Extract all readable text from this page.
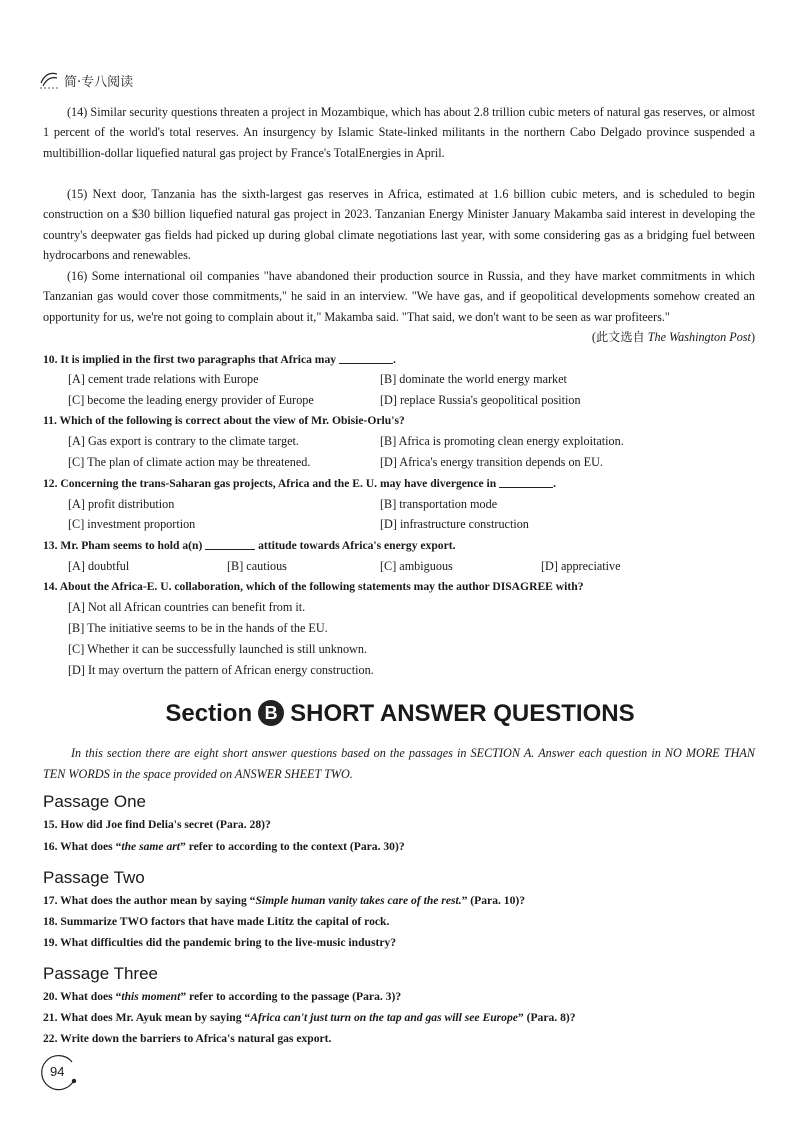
简·专八阅读
(14) Similar security questions threaten a project in Mozambique, which has about 2.8 trillion cubic meters of natural gas reserves, or almost 1 percent of the world's total reserves. An insurgency by Islamic State-linked militants in the northern Cabo Delgado province suspended a multibillion-dollar liquefied natural gas project by France's TotalEnergies in April.
(15) Next door, Tanzania has the sixth-largest gas reserves in Africa, estimated at 1.6 billion cubic meters, and is scheduled to begin construction on a $30 billion liquefied natural gas project in 2023. Tanzanian Energy Minister January Makamba said interest in developing the country's deepwater gas fields had picked up during global climate negotiations last year, with some considering gas as a bridging fuel between hydrocarbons and renewables.
(16) Some international oil companies "have abandoned their production source in Russia, and they have market commitments in which Tanzanian gas would cover those commitments," he said in an interview. "We have gas, and if geopolitical developments somehow created an opportunity for us, we're not going to complain about it," Makamba said. "That said, we don't want to be seen as war profiteers."
(此文选自 The Washington Post)
10. It is implied in the first two paragraphs that Africa may	.
[A] cement trade relations with Europe	[B] dominate the world energy market
[C] become the leading energy provider of Europe	[D] replace Russia's geopolitical position
11. Which of the following is correct about the view of Mr. Obisie-Orlu's?
[A] Gas export is contrary to the climate target.	[B] Africa is promoting clean energy exploitation.
[C] The plan of climate action may be threatened.	[D] Africa's energy transition depends on EU.
12. Concerning the trans-Saharan gas projects, Africa and the E. U. may have divergence in	.
[A] profit distribution	[B] transportation mode
[C] investment proportion	[D] infrastructure construction
13. Mr. Pham seems to hold a(n)	attitude towards Africa's energy export.
[A] doubtful	[B] cautious	[C] ambiguous	[D] appreciative
14. About the Africa-E. U. collaboration, which of the following statements may the author DISAGREE with?
[A] Not all African countries can benefit from it.
[B] The initiative seems to be in the hands of the EU.
[C] Whether it can be successfully launched is still unknown.
[D] It may overturn the pattern of African energy construction.
Section B SHORT ANSWER QUESTIONS
In this section there are eight short answer questions based on the passages in SECTION A. Answer each question in NO MORE THAN TEN WORDS in the space provided on ANSWER SHEET TWO.
Passage One
15. How did Joe find Delia's secret (Para. 28)?
16. What does “the same art” refer to according to the context (Para. 30)?
Passage Two
17. What does the author mean by saying “Simple human vanity takes care of the rest.” (Para. 10)?
18. Summarize TWO factors that have made Lititz the capital of rock.
19. What difficulties did the pandemic bring to the live-music industry?
Passage Three
20. What does “this moment” refer to according to the passage (Para. 3)?
21. What does Mr. Ayuk mean by saying “Africa can't just turn on the tap and gas will see Europe” (Para. 8)?
22. Write down the barriers to Africa's natural gas export.
94
